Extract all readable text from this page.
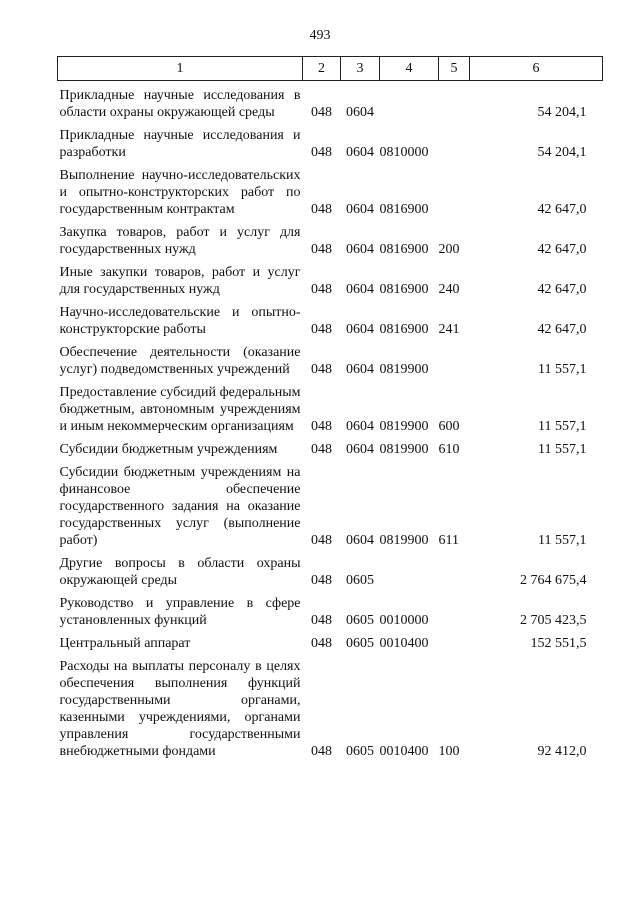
493
1	2	3	4	5	6
Прикладные научные исследования в области охраны окружающей среды	048	0604			54 204,1
Прикладные научные исследования и разработки	048	0604	0810000		54 204,1
Выполнение научно-исследовательских и опытно-конструкторских работ по государственным контрактам	048	0604	0816900		42 647,0
Закупка товаров, работ и услуг для государственных нужд	048	0604	0816900	200	42 647,0
Иные закупки товаров, работ и услуг для государственных нужд	048	0604	0816900	240	42 647,0
Научно-исследовательские и опытно-конструкторские работы	048	0604	0816900	241	42 647,0
Обеспечение деятельности (оказание услуг) подведомственных учреждений	048	0604	0819900		11 557,1
Предоставление субсидий федеральным бюджетным, автономным учреждениям и иным некоммерческим организациям	048	0604	0819900	600	11 557,1
Субсидии бюджетным учреждениям	048	0604	0819900	610	11 557,1
Субсидии бюджетным учреждениям на финансовое обеспечение государственного задания на оказание государственных услуг (выполнение работ)	048	0604	0819900	611	11 557,1
Другие вопросы в области охраны окружающей среды	048	0605			2 764 675,4
Руководство и управление в сфере установленных функций	048	0605	0010000		2 705 423,5
Центральный аппарат	048	0605	0010400		152 551,5
Расходы на выплаты персоналу в целях обеспечения выполнения функций государственными органами, казенными учреждениями, органами управления государственными внебюджетными фондами	048	0605	0010400	100	92 412,0
